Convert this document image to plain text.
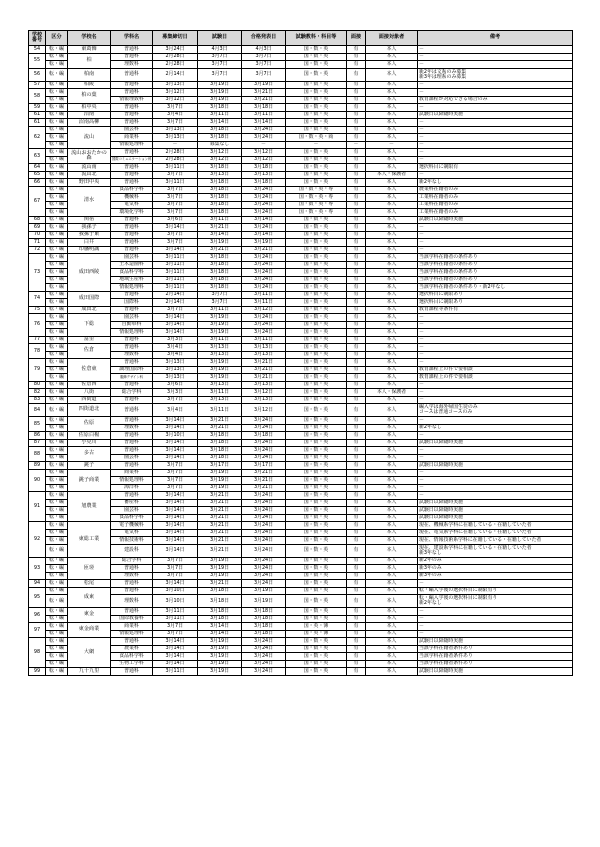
学校
番号	区分	学校名	学科名	募集締切日	試験日	合格発表日	試験教科・科目等	面接	面接対象者	備考
54	転・編	東葛飾	普通科	3月24日	4月3日	4月3日	国・数・英	有	本人	－
55	転・編	柏	普通科	2月28日	3月7日	3月7日	国・数・英	有	本人	－
	転・編		理数科	2月28日	3月7日	3月7日	国・数・英	有	本人	－
56	転・編	柏南	普通科	2月14日	3月7日	3月7日	国・数・英	有	本人	新2年は文系のみ募集
新3年は理系のみ募集
57	転・編	柏陵	普通科	3月13日	3月19日	3月19日	国・数・英	有	本人	－
58	転・編	柏の葉	普通科	3月12日	3月19日	3月21日	国・数・英	有	本人	－
	転・編		情報理数科	3月12日	3月19日	3月21日	国・数・英	有	本人	教育課程が対応できる場合のみ
59	転・編	柏中央	普通科	3月7日	3月18日	3月18日	国・数・英	有	本人	－
61	転・編	沼南	普通科	3月4日	3月11日	3月11日	国・数・英	有	本人	試験日以降随時実施
61	転・編	沼南高柳	普通科	3月7日	3月14日	3月14日	国・数・英	有	本人	－
62	転・編	流山	園芸科	3月13日	3月18日	3月24日	国・数・英	有	本人	－
	転・編		商業科	3月13日	3月18日	3月24日	国・数・英・商	有	本人	－
	転・編		情報処理科	－	募集なし	－	－	－	－	－
63	転・編	流山おおたかの森	普通科	2月28日	3月12日	3月12日	国・数・英	有	本人	－
	転・編		国際コミュニケーション科	2月28日	3月12日	3月12日	国・数・英	有	本人	－
64	転・編	流山南	普通科	3月11日	3月18日	3月18日	国・数・英	有	本人	選択科目に制限有
65	転・編	流山北	普通科	3月7日	3月13日	3月13日	国・数・英	有	本人・保護者	－
66	転・編	野田中央	普通科	3月11日	3月18日	3月18日	国・数・英	有	本人	新2年なし
67	転・編	清水	食品科学科	3月7日	3月18日	3月24日	国・数・英・専	有	本人	農業科在籍者のみ
	転・編		機械科	3月7日	3月18日	3月24日	国・数・英・専	有	本人	工業科在籍者のみ
	転・編		電気科	3月7日	3月18日	3月24日	国・数・英・専	有	本人	工業科在籍者のみ
	転・編		環境化学科	3月7日	3月18日	3月24日	国・数・英・専	有	本人	工業科在籍者のみ
68	転・編	関宿	普通科	3月6日	3月11日	3月14日	国・数・英	有	本人	試験日以降随時実施
69	転・編	我孫子	普通科	3月14日	3月21日	3月24日	国・数・英	有	本人	－
70	転・編	我孫子東	普通科	3月7日	3月14日	3月14日	国・数・英	有	本人	－
71	転・編	白井	普通科	3月7日	3月19日	3月19日	国・数・英	有	本人	－
72	転・編	印旛明誠	普通科	3月14日	3月21日	3月21日	国・数・英	有	本人	－
73	転・編	成田西陵	園芸科	3月11日	3月18日	3月24日	国・数・英	有	本人	当該学科在籍者の条件あり
	転・編		土木造園科	3月11日	3月18日	3月24日	国・数・英	有	本人	当該学科在籍者の条件あり
	転・編		食品科学科	3月11日	3月18日	3月24日	国・数・英	有	本人	当該学科在籍者の条件あり
	転・編		地域生産科	3月11日	3月18日	3月24日	国・数・英	有	本人	当該学科在籍者の条件あり
	転・編		情報処理科	3月11日	3月18日	3月24日	国・数・英	有	本人	当該学科在籍者の条件あり・新2年なし
74	転・編	成田国際	普通科	2月14日	3月7日	3月11日	国・数・英	有	本人	選択科目に制限あり
	転・編		国際科	2月14日	3月7日	3月11日	国・数・英	有	本人	選択科目に制限あり
75	転・編	成田北	普通科	3月7日	3月11日	3月12日	国・数・英	有	本人	教育課程等条件有
76	転・編	下総	園芸科	3月14日	3月19日	3月24日	国・数・英	有	本人	－
	転・編		自動車科	3月14日	3月19日	3月24日	国・数・英	有	本人	－
	転・編		情報処理科	3月14日	3月19日	3月24日	国・数・英	有	本人	－
77	転・編	富里	普通科	3月3日	3月11日	3月11日	国・数・英	有	本人	－
78	転・編	佐倉	普通科	3月4日	3月13日	3月13日	国・数・英	有	本人	－
	転・編		理数科	3月4日	3月13日	3月13日	国・数・英	有	本人	－
79	転・編	佐倉東	普通科	3月13日	3月19日	3月21日	国・数・英	有	本人	－
	転・編		調理国際科	3月13日	3月19日	3月21日	国・数・英	有	本人	教育課程上の件で要相談
	転・編		服飾デザイン科	3月13日	3月19日	3月21日	国・数・英	有	本人	教育課程上の件で要相談
80	転・編	佐倉西	普通科	3月6日	3月13日	3月13日	国・数・英	有	本人	－
82	転・編	八街	総合学科	3月3日	3月11日	3月12日	国・数・英	有	本人・保護者	－
83	転・編	四街道	普通科	3月7日	3月13日	3月13日	国・数・英	有	本人	－
84	転・編	四街道北	普通科	3月4日	3月11日	3月12日	国・数・英	有	本人	編入学は海外帰国生徒のみ
コースは普通コースのみ
85	転・編	佐原	普通科	3月14日	3月21日	3月24日	国・数・英	有	本人	－
	転・編		理数科	3月14日	3月21日	3月24日	国・数・英	有	本人	新2年なし
86	転・編	佐原白楊	普通科	3月10日	3月18日	3月18日	国・数・英	有	本人	－
87	転・編	小見川	普通科	3月14日	3月18日	3月24日	国・数・英	有	本人	試験日以降随時実施
88	転・編	多古	普通科	3月14日	3月18日	3月24日	国・数・英	有	本人	－
	転・編		園芸科	3月14日	3月18日	3月24日	国・数・英	有	本人	－
89	転・編	銚子	普通科	3月7日	3月17日	3月17日	国・数・英	有	本人	試験日以降随時実施
90	転・編	銚子商業	商業科	3月7日	3月19日	3月21日	国・数・英	有	本人	－
	転・編		情報処理科	3月7日	3月19日	3月21日	国・数・英	有	本人	－
	転・編		海洋科	3月7日	3月19日	3月21日	国・数・英	有	本人	－
91	転・編	旭農業	普通科	3月14日	3月21日	3月24日	国・数・英	有	本人	－
	転・編		畜産科	3月14日	3月21日	3月24日	国・数・英	有	本人	試験日以降随時実施
	転・編		園芸科	3月14日	3月21日	3月24日	国・数・英	有	本人	試験日以降随時実施
	転・編		食品科学科	3月14日	3月21日	3月24日	国・数・英	有	本人	試験日以降随時実施
92	転・編	東総工業	電子機械科	3月14日	3月21日	3月24日	国・数・英	有	本人	現在、機械系学科に在籍している・在籍していた者
	転・編		電気科	3月14日	3月21日	3月24日	国・数・英	有	本人	現在、電気系学科に在籍している・在籍していた者
	転・編		情報技術科	3月14日	3月21日	3月24日	国・数・英	有	本人	現在、情報技術系学科に在籍している・在籍していた者
	転・編		建設科	3月14日	3月21日	3月24日	国・数・英	有	本人	現在、建設系学科に在籍している・在籍していた者
新3年なし
93	転・編	匝瑳	総合学科	3月7日	3月19日	3月24日	国・数・英	有	本人	新2年のみ
	転・編		普通科	3月7日	3月19日	3月24日	国・数・英	有	本人	新3年のみ
	転・編		理数科	3月7日	3月19日	3月24日	国・数・英	有	本人	新3年のみ
94	転・編	松尾	普通科	3月14日	3月21日	3月24日	国・数・英	有	本人	－
95	転・編	成東	普通科	3月10日	3月18日	3月19日	国・数・英	有	本人	転・編入学後の選択科目に制限有り
	転・編		理数科	3月10日	3月18日	3月19日	国・数・英	有	本人	転・編入学後の選択科目に制限有り
新2年なし
96	転・編	東金	普通科	3月11日	3月18日	3月18日	国・数・英	有	本人	－
	転・編		国際教養科	3月11日	3月18日	3月18日	国・数・英	有	本人	－
97	転・編	東金商業	商業科	3月7日	3月14日	3月18日	国・英・簿	有	本人	－
	転・編		情報処理科	3月7日	3月14日	3月18日	国・英・簿	有	本人	－
98	転・編	大網	普通科	3月14日	3月19日	3月24日	国・数・英	有	本人	試験日以降随時実施
	転・編		農業科	3月14日	3月19日	3月24日	国・数・英	有	本人	当該学科在籍者条件あり
	転・編		食品科学科	3月14日	3月19日	3月24日	国・数・英	有	本人	当該学科在籍者条件あり
	転・編		生物工学科	3月14日	3月19日	3月24日	国・数・英	有	本人	当該学科在籍者条件あり
99	転・編	九十九里	普通科	3月11日	3月19日	3月24日	国・数・英	有	本人	試験日以降随時実施
